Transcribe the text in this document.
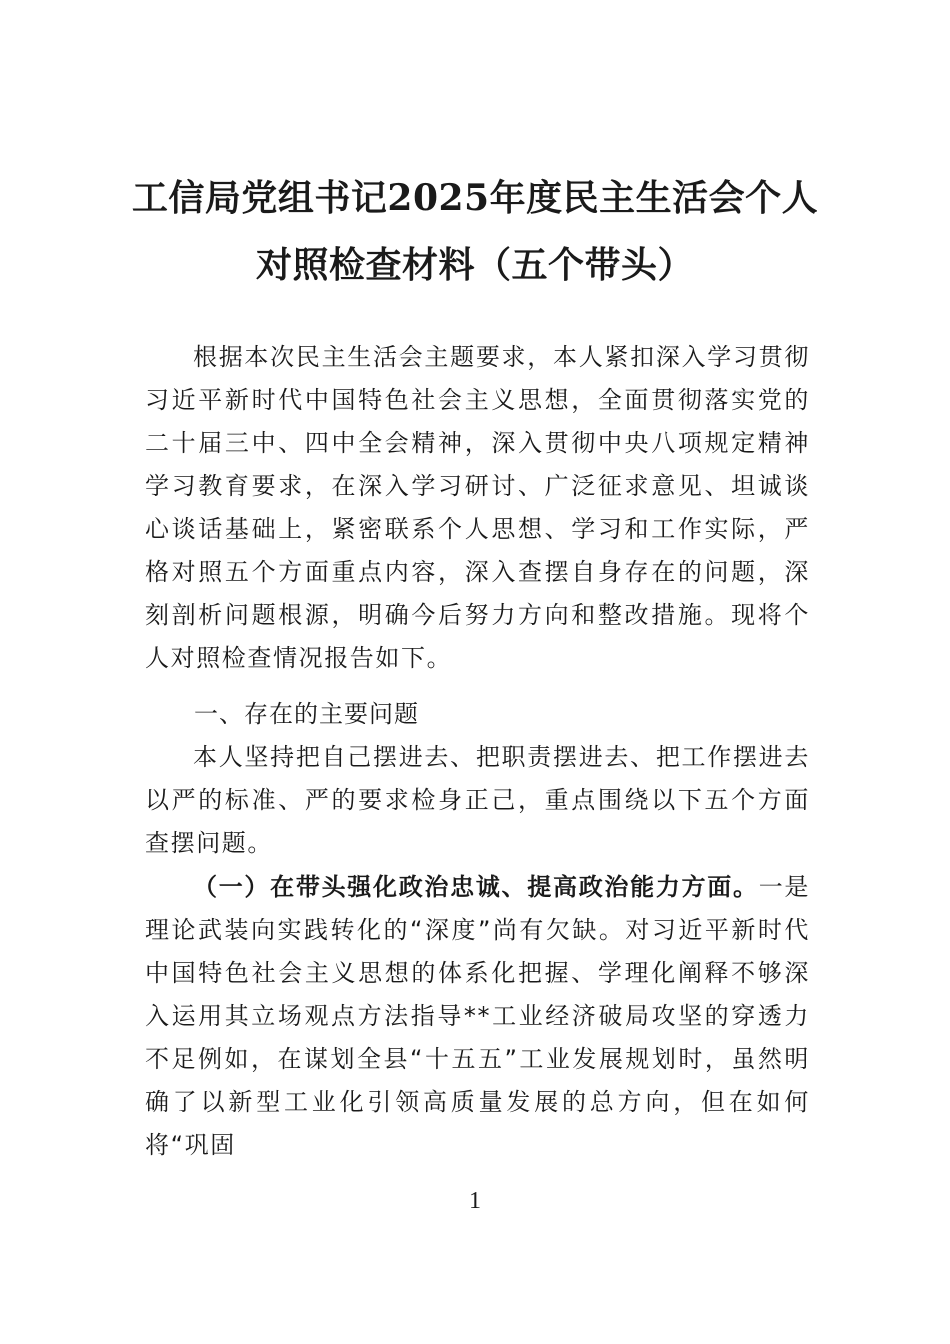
工信局党组书记2025年度民主生活会个人
对照检查材料（五个带头）

根据本次民主生活会主题要求，本人紧扣深入学习贯彻习近平新时代中国特色社会主义思想，全面贯彻落实党的二十届三中、四中全会精神，深入贯彻中央八项规定精神学习教育要求，在深入学习研讨、广泛征求意见、坦诚谈心谈话基础上，紧密联系个人思想、学习和工作实际，严格对照五个方面重点内容，深入查摆自身存在的问题，深刻剖析问题根源，明确今后努力方向和整改措施。现将个人对照检查情况报告如下。

一、存在的主要问题

本人坚持把自己摆进去、把职责摆进去、把工作摆进去以严的标准、严的要求检身正己，重点围绕以下五个方面查摆问题。

（一）在带头强化政治忠诚、提高政治能力方面。一是理论武装向实践转化的“深度”尚有欠缺。对习近平新时代中国特色社会主义思想的体系化把握、学理化阐释不够深入运用其立场观点方法指导**工业经济破局攻坚的穿透力不足例如，在谋划全县“十五五”工业发展规划时，虽然明确了以新型工业化引领高质量发展的总方向，但在如何将“巩固

1
